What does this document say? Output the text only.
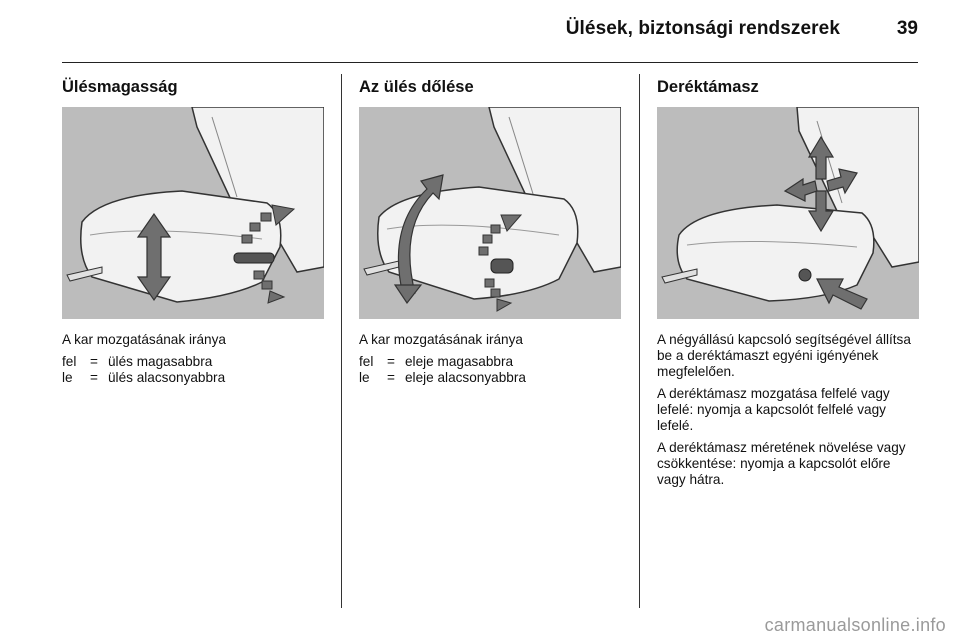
Ülések, biztonsági rendszerek	39
Ülésmagasság

A kar mozgatásának iránya

fel	=	ülés magasabbra
le	=	ülés alacsonyabbra
Az ülés dőlése

A kar mozgatásának iránya

fel	=	eleje magasabbra
le	=	eleje alacsonyabbra
Deréktámasz

A négyállású kapcsoló segítségével állítsa be a deréktámaszt egyéni igényének megfelelően.

A deréktámasz mozgatása felfelé vagy lefelé: nyomja a kapcsolót felfelé vagy lefelé.

A deréktámasz méretének növelése vagy csökkentése: nyomja a kapcsolót előre vagy hátra.

carmanualsonline.info
